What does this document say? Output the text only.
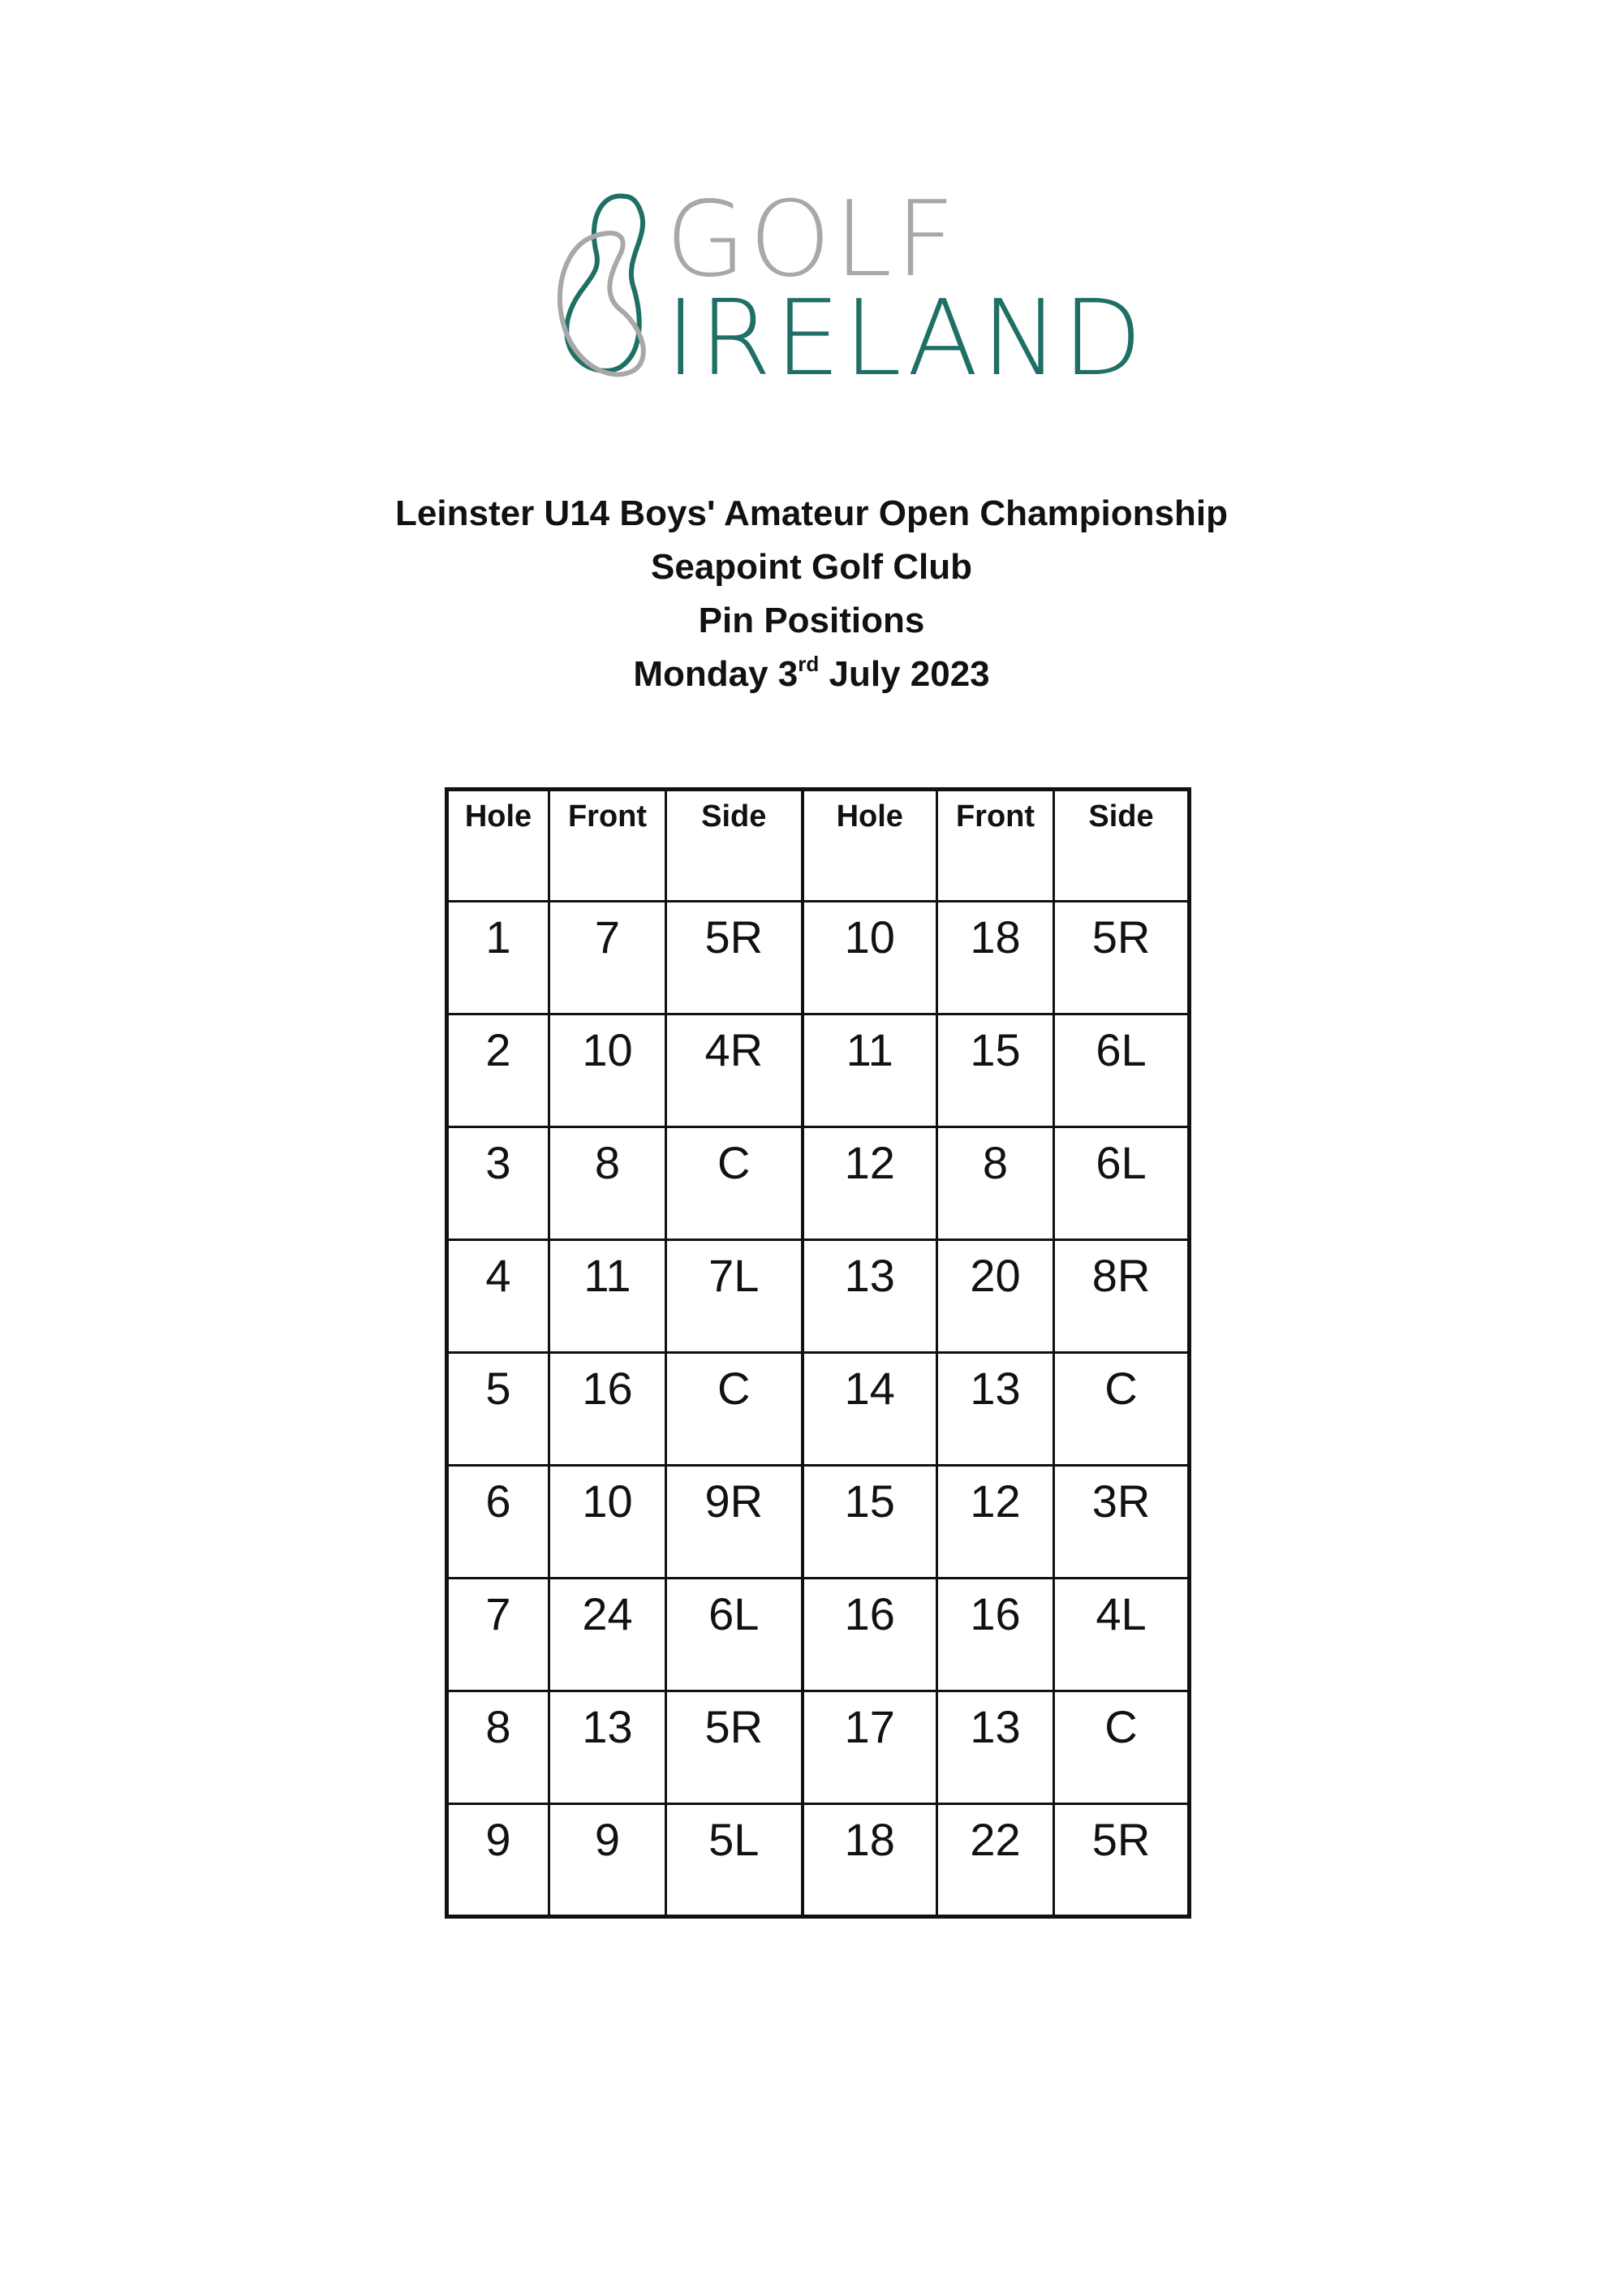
GOLF
IRELAND
Leinster U14 Boys' Amateur Open Championship
Seapoint Golf Club
Pin Positions
Monday 3rd July 2023
Hole	Front	Side	Hole	Front	Side
1	7	5R	10	18	5R
2	10	4R	11	15	6L
3	8	C	12	8	6L
4	11	7L	13	20	8R
5	16	C	14	13	C
6	10	9R	15	12	3R
7	24	6L	16	16	4L
8	13	5R	17	13	C
9	9	5L	18	22	5R
